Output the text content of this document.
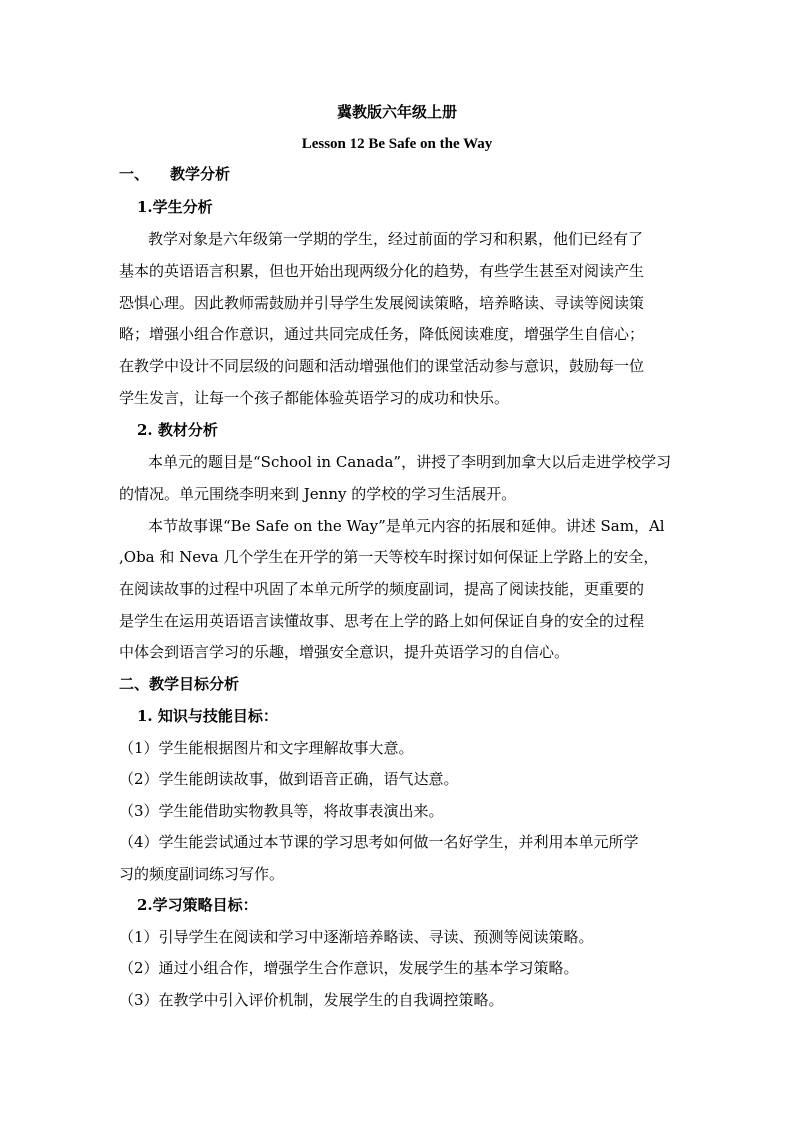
冀教版六年级上册
Lesson 12 Be Safe on the Way
一、 教学分析
1.学生分析
教学对象是六年级第一学期的学生，经过前面的学习和积累，他们已经有了
基本的英语语言积累，但也开始出现两级分化的趋势，有些学生甚至对阅读产生
恐惧心理。因此教师需鼓励并引导学生发展阅读策略，培养略读、寻读等阅读策
略；增强小组合作意识，通过共同完成任务，降低阅读难度，增强学生自信心；
在教学中设计不同层级的问题和活动增强他们的课堂活动参与意识，鼓励每一位
学生发言，让每一个孩子都能体验英语学习的成功和快乐。
2. 教材分析
本单元的题目是“School in Canada”，讲授了李明到加拿大以后走进学校学习
的情况。单元围绕李明来到 Jenny 的学校的学习生活展开。
本节故事课“Be Safe on the Way”是单元内容的拓展和延伸。讲述 Sam，Al
,Oba 和 Neva 几个学生在开学的第一天等校车时探讨如何保证上学路上的安全，
在阅读故事的过程中巩固了本单元所学的频度副词，提高了阅读技能，更重要的
是学生在运用英语语言读懂故事、思考在上学的路上如何保证自身的安全的过程
中体会到语言学习的乐趣，增强安全意识，提升英语学习的自信心。
二、教学目标分析
1. 知识与技能目标：
（1）学生能根据图片和文字理解故事大意。
（2）学生能朗读故事，做到语音正确，语气达意。
（3）学生能借助实物教具等，将故事表演出来。
（4）学生能尝试通过本节课的学习思考如何做一名好学生，并利用本单元所学
习的频度副词练习写作。
2.学习策略目标：
（1）引导学生在阅读和学习中逐渐培养略读、寻读、预测等阅读策略。
（2）通过小组合作，增强学生合作意识，发展学生的基本学习策略。
（3）在教学中引入评价机制，发展学生的自我调控策略。
